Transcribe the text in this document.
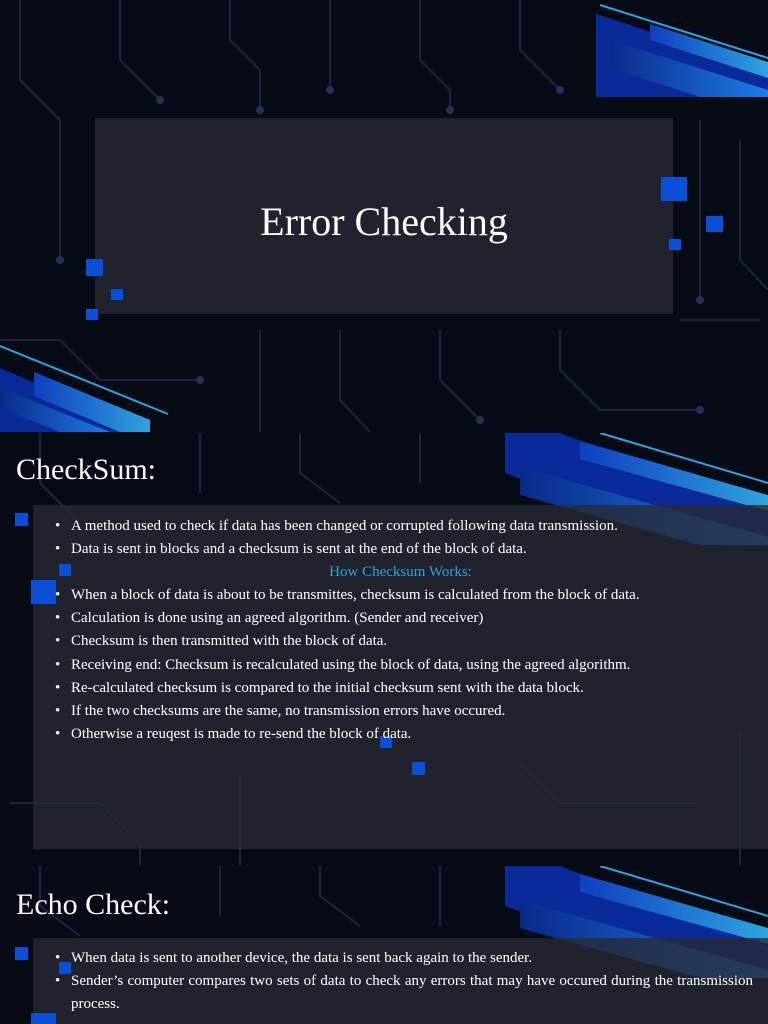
Error Checking
CheckSum:
• A method used to check if data has been changed or corrupted following data transmission.
• Data is sent in blocks and a checksum is sent at the end of the block of data.
How Checksum Works:
• When a block of data is about to be transmittes, checksum is calculated from the block of data.
• Calculation is done using an agreed algorithm. (Sender and receiver)
• Checksum is then transmitted with the block of data.
• Receiving end: Checksum is recalculated using the block of data, using the agreed algorithm.
• Re-calculated checksum is compared to the initial checksum sent with the data block.
• If the two checksums are the same, no transmission errors have occured.
• Otherwise a reuqest is made to re-send the block of data.
Echo Check:
• When data is sent to another device, the data is sent back again to the sender.
• Sender’s computer compares two sets of data to check any errors that may have occured during the transmission process.
